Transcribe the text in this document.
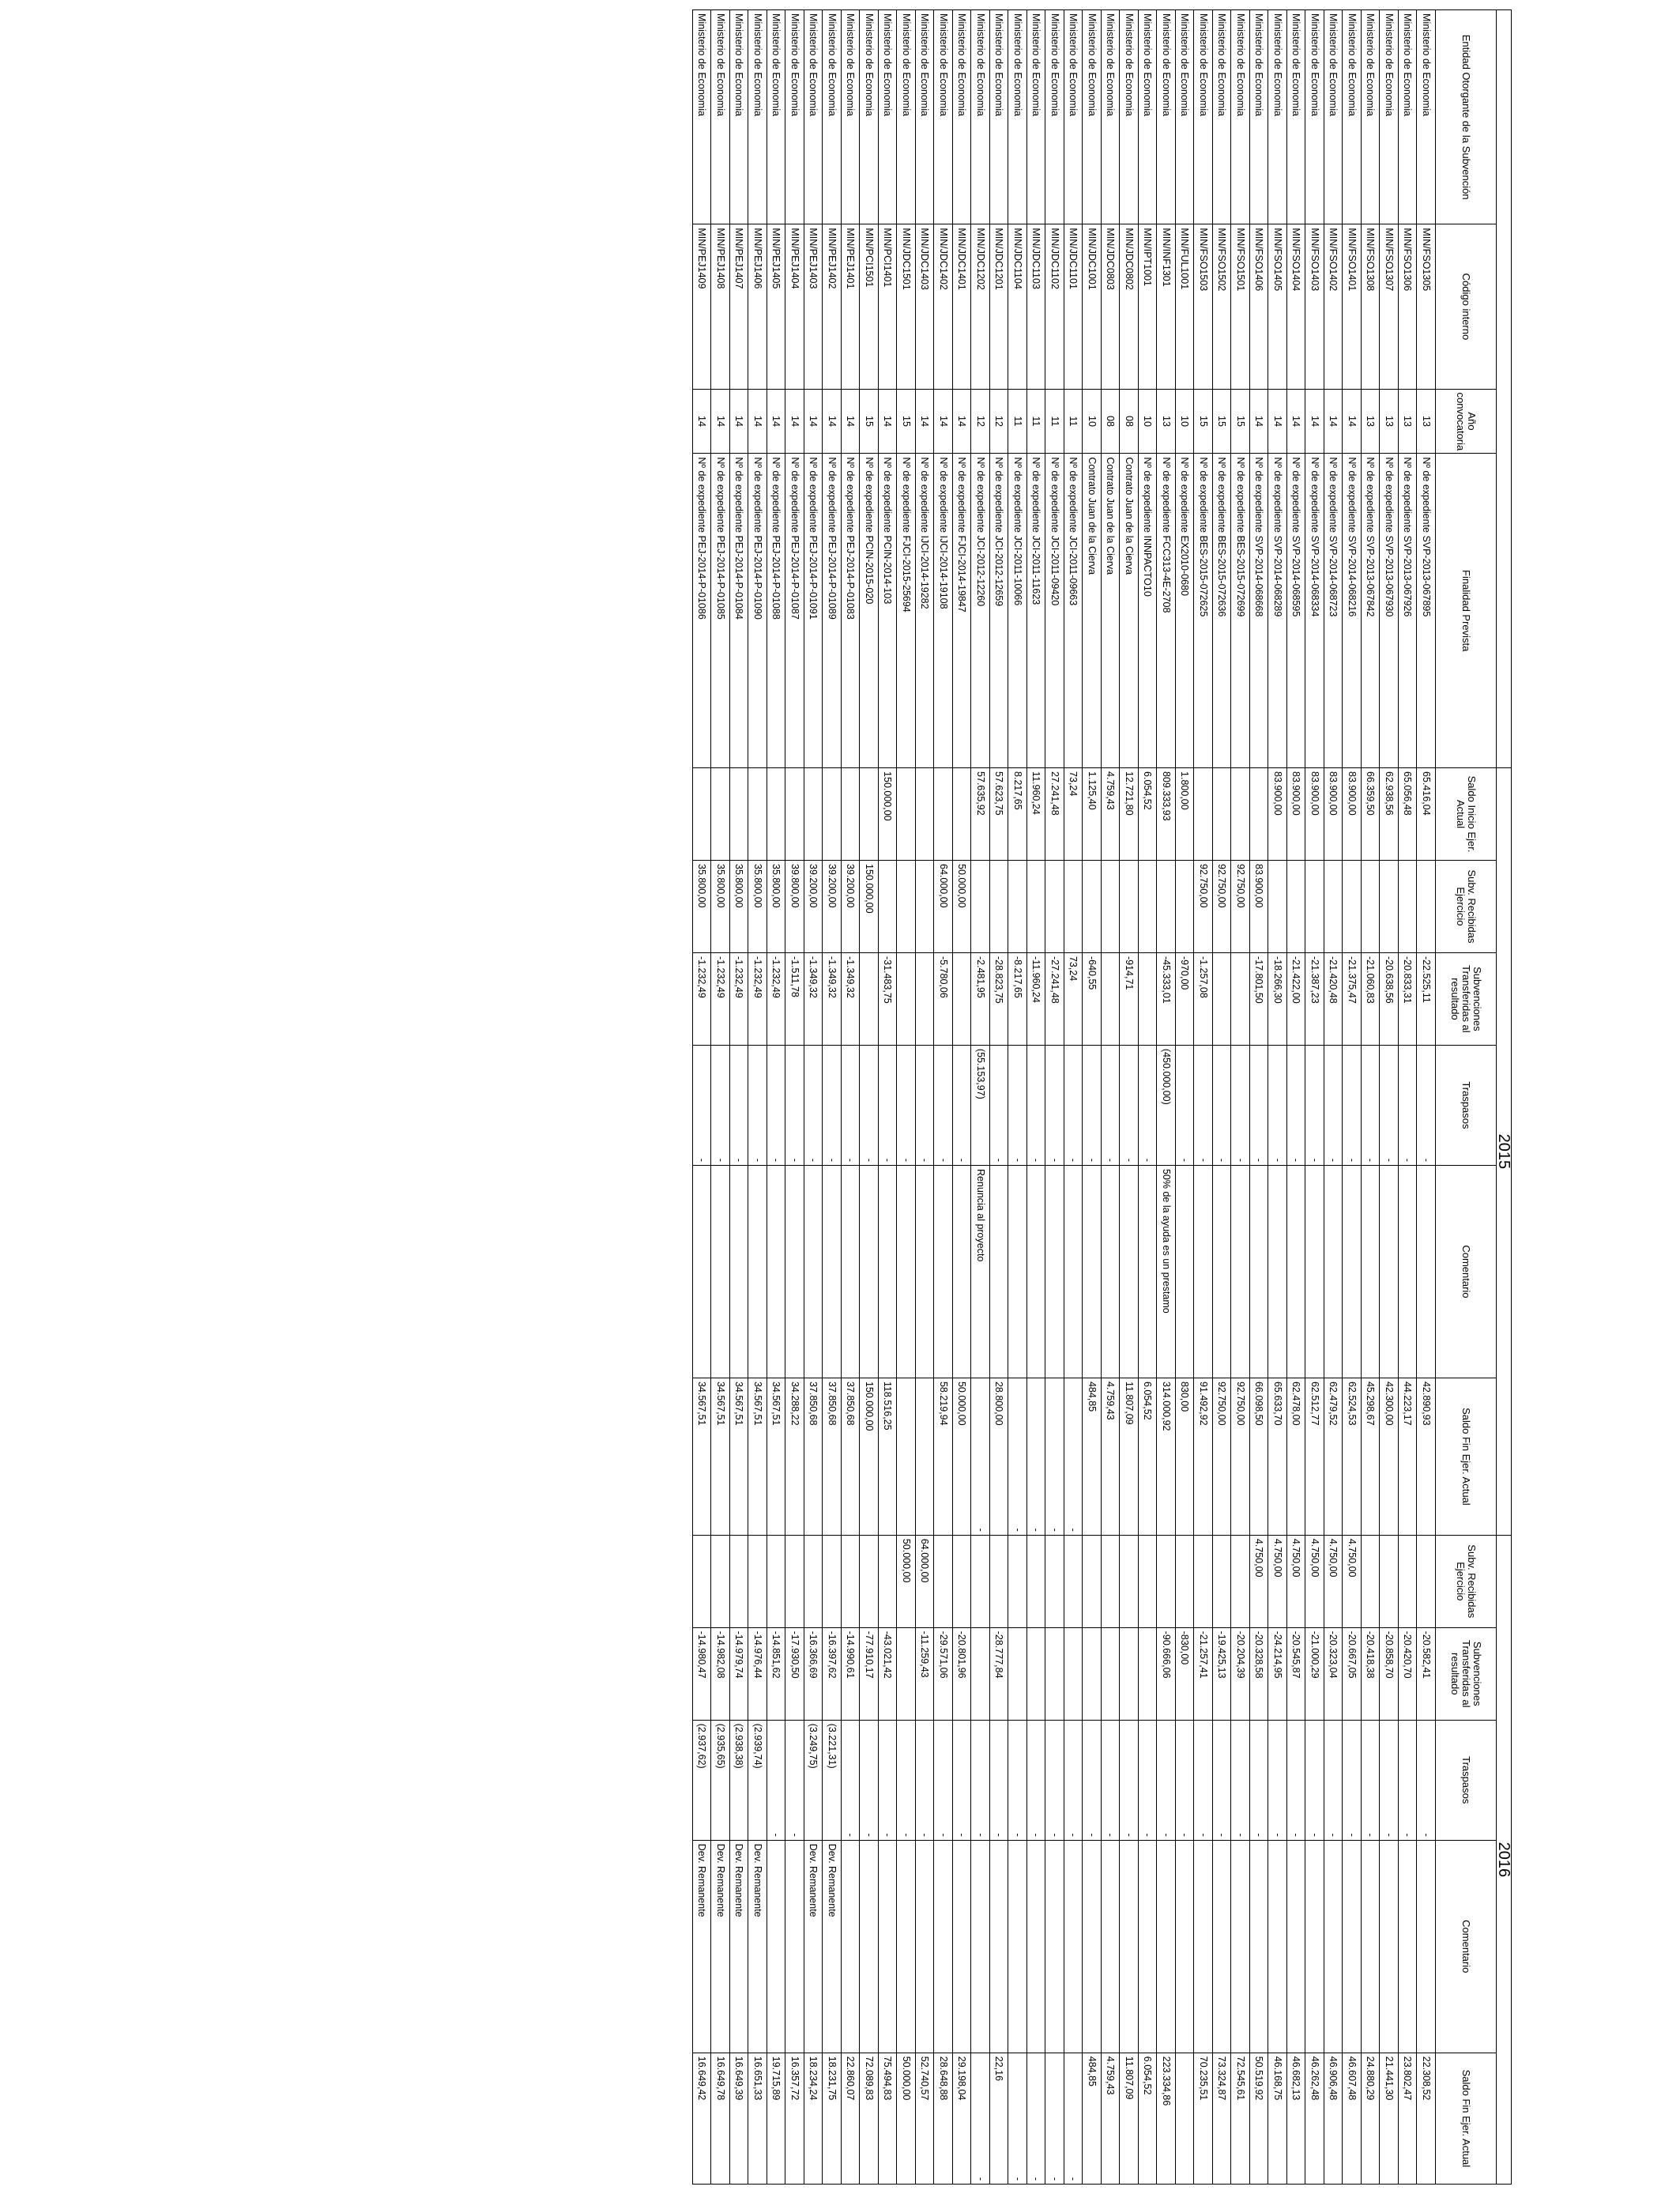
				2015						2016				
Entidad Otorgante de la Subvención	Código interno	Año convocatoria	Finalidad Prevista	Saldo Inicio Ejer. Actual	Subv. Recibidas Ejercicio	Subvenciones Transferidas al resultado	Traspasos	Comentario	Saldo Fin Ejer. Actual	Subv. Recibidas Ejercicio	Subvenciones Transferidas al resultado	Traspasos	Comentario	Saldo Fin Ejer. Actual
Ministerio de Economia	MIN/FSO1305	13	Nº de expediente SVP-2013-067895	65.416,04		-22.525,11	-		42.890,93		-20.582,41	-		22.308,52
Ministerio de Economia	MIN/FSO1306	13	Nº de expediente SVP-2013-067926	65.056,48		-20.833,31	-		44.223,17		-20.420,70	-		23.802,47
Ministerio de Economia	MIN/FSO1307	13	Nº de expediente SVP-2013-067930	62.938,56		-20.638,56	-		42.300,00		-20.858,70	-		21.441,30
Ministerio de Economia	MIN/FSO1308	13	Nº de expediente SVP-2013-067842	66.359,50		-21.060,83	-		45.298,67		-20.418,38	-		24.880,29
Ministerio de Economia	MIN/FSO1401	14	Nº de expediente SVP-2014-068216	83.900,00		-21.375,47	-		62.524,53	4.750,00	-20.667,05	-		46.607,48
Ministerio de Economia	MIN/FSO1402	14	Nº de expediente SVP-2014-068723	83.900,00		-21.420,48	-		62.479,52	4.750,00	-20.323,04	-		46.906,48
Ministerio de Economia	MIN/FSO1403	14	Nº de expediente SVP-2014-068334	83.900,00		-21.387,23	-		62.512,77	4.750,00	-21.000,29	-		46.262,48
Ministerio de Economia	MIN/FSO1404	14	Nº de expediente SVP-2014-068595	83.900,00		-21.422,00	-		62.478,00	4.750,00	-20.545,87	-		46.682,13
Ministerio de Economia	MIN/FSO1405	14	Nº de expediente SVP-2014-068289	83.900,00		-18.266,30	-		65.633,70	4.750,00	-24.214,95	-		46.168,75
Ministerio de Economia	MIN/FSO1406	14	Nº de expediente SVP-2014-068668		83.900,00	-17.801,50	-		66.098,50	4.750,00	-20.328,58	-		50.519,92
Ministerio de Economia	MIN/FSO1501	15	Nº de expediente BES-2015-072699		92.750,00		-		92.750,00		-20.204,39	-		72.545,61
Ministerio de Economia	MIN/FSO1502	15	Nº de expediente BES-2015-072636		92.750,00		-		92.750,00		-19.425,13	-		73.324,87
Ministerio de Economia	MIN/FSO1503	15	Nº de expediente BES-2015-072625		92.750,00	-1.257,08	-		91.492,92		-21.257,41	-		70.235,51
Ministerio de Economia	MIN/FUL1001	10	Nº de expediente EX2010-0680	1.800,00		-970,00	-		830,00		-830,00	-		
Ministerio de Economia	MIN/INF1301	13	Nº de expediente FCC313-4E-2708	809.333,93		-45.333,01	(450.000,00)	50% de la ayuda es un prestamo	314.000,92		-90.666,06	-		223.334,86
Ministerio de Economia	MIN/IPT1001	10	Nº de expediente INNPACTO10	6.054,52			-		6.054,52			-		6.054,52
Ministerio de Economia	MIN/JDC0802	08	Contrato Juan de la Cierva	12.721,80		-914,71	-		11.807,09			-		11.807,09
Ministerio de Economia	MIN/JDC0803	08	Contrato Juan de la Cierva	4.759,43			-		4.759,43			-		4.759,43
Ministerio de Economia	MIN/JDC1001	10	Contrato Juan de la Cierva	1.125,40		-640,55	-		484,85			-		484,85
Ministerio de Economia	MIN/JDC1101	11	Nº de expediente JCI-2011-09663	73,24		73,24	-		-			-		-
Ministerio de Economia	MIN/JDC1102	11	Nº de expediente JCI-2011-09420	27.241,48		-27.241,48	-		-			-		-
Ministerio de Economia	MIN/JDC1103	11	Nº de expediente JCI-2011-11623	11.960,24		-11.960,24	-		-			-		-
Ministerio de Economia	MIN/JDC1104	11	Nº de expediente JCI-2011-10066	8.217,65		-8.217,65	-		-			-		-
Ministerio de Economia	MIN/JDC1201	12	Nº de expediente JCI-2012-12659	57.623,75		-28.823,75	-		28.800,00		-28.777,84	-		22,16
Ministerio de Economia	MIN/JDC1202	12	Nº de expediente JCI-2012-12260	57.635,92		-2.481,95	(55.153,97)	Renuncia al proyecto	-			-		-
Ministerio de Economia	MIN/JDC1401	14	Nº de expediente FJCI-2014-19847		50.000,00		-		50.000,00		-20.801,96	-		29.198,04
Ministerio de Economia	MIN/JDC1402	14	Nº de expediente IJCI-2014-19108		64.000,00	-5.780,06	-		58.219,94		-29.571,06	-		28.648,88
Ministerio de Economia	MIN/JDC1403	14	Nº de expediente IJCI-2014-19282				-			64.000,00	-11.259,43	-		52.740,57
Ministerio de Economia	MIN/JDC1501	15	Nº de expediente FJCI-2015-25694				-			50.000,00		-		50.000,00
Ministerio de Economia	MIN/PCI1401	14	Nº de expediente PCIN-2014-103	150.000,00		-31.483,75	-		118.516,25		-43.021,42	-		75.494,83
Ministerio de Economia	MIN/PCI1501	15	Nº de expediente PCIN-2015-020		150.000,00		-		150.000,00		-77.910,17	-		72.089,83
Ministerio de Economia	MIN/PEJ1401	14	Nº de expediente PEJ-2014-P-01083		39.200,00	-1.349,32	-		37.850,68		-14.990,61	-		22.860,07
Ministerio de Economia	MIN/PEJ1402	14	Nº de expediente PEJ-2014-P-01089		39.200,00	-1.349,32	-		37.850,68		-16.397,62	(3.221,31)	Dev. Remanente	18.231,75
Ministerio de Economia	MIN/PEJ1403	14	Nº de expediente PEJ-2014-P-01091		39.200,00	-1.349,32	-		37.850,68		-16.366,69	(3.249,75)	Dev. Remanente	18.234,24
Ministerio de Economia	MIN/PEJ1404	14	Nº de expediente PEJ-2014-P-01087		39.800,00	-1.511,78	-		34.288,22		-17.930,50	-		16.357,72
Ministerio de Economia	MIN/PEJ1405	14	Nº de expediente PEJ-2014-P-01088		35.800,00	-1.232,49	-		34.567,51		-14.851,62	-		19.715,89
Ministerio de Economia	MIN/PEJ1406	14	Nº de expediente PEJ-2014-P-01090		35.800,00	-1.232,49	-		34.567,51		-14.976,44	(2.939,74)	Dev. Remanente	16.651,33
Ministerio de Economia	MIN/PEJ1407	14	Nº de expediente PEJ-2014-P-01084		35.800,00	-1.232,49	-		34.567,51		-14.979,74	(2.938,38)	Dev. Remanente	16.649,39
Ministerio de Economia	MIN/PEJ1408	14	Nº de expediente PEJ-2014-P-01085		35.800,00	-1.232,49	-		34.567,51		-14.982,08	(2.935,65)	Dev. Remanente	16.649,78
Ministerio de Economia	MIN/PEJ1409	14	Nº de expediente PEJ-2014-P-01086		35.800,00	-1.232,49	-		34.567,51		-14.980,47	(2.937,62)	Dev. Remanente	16.649,42
